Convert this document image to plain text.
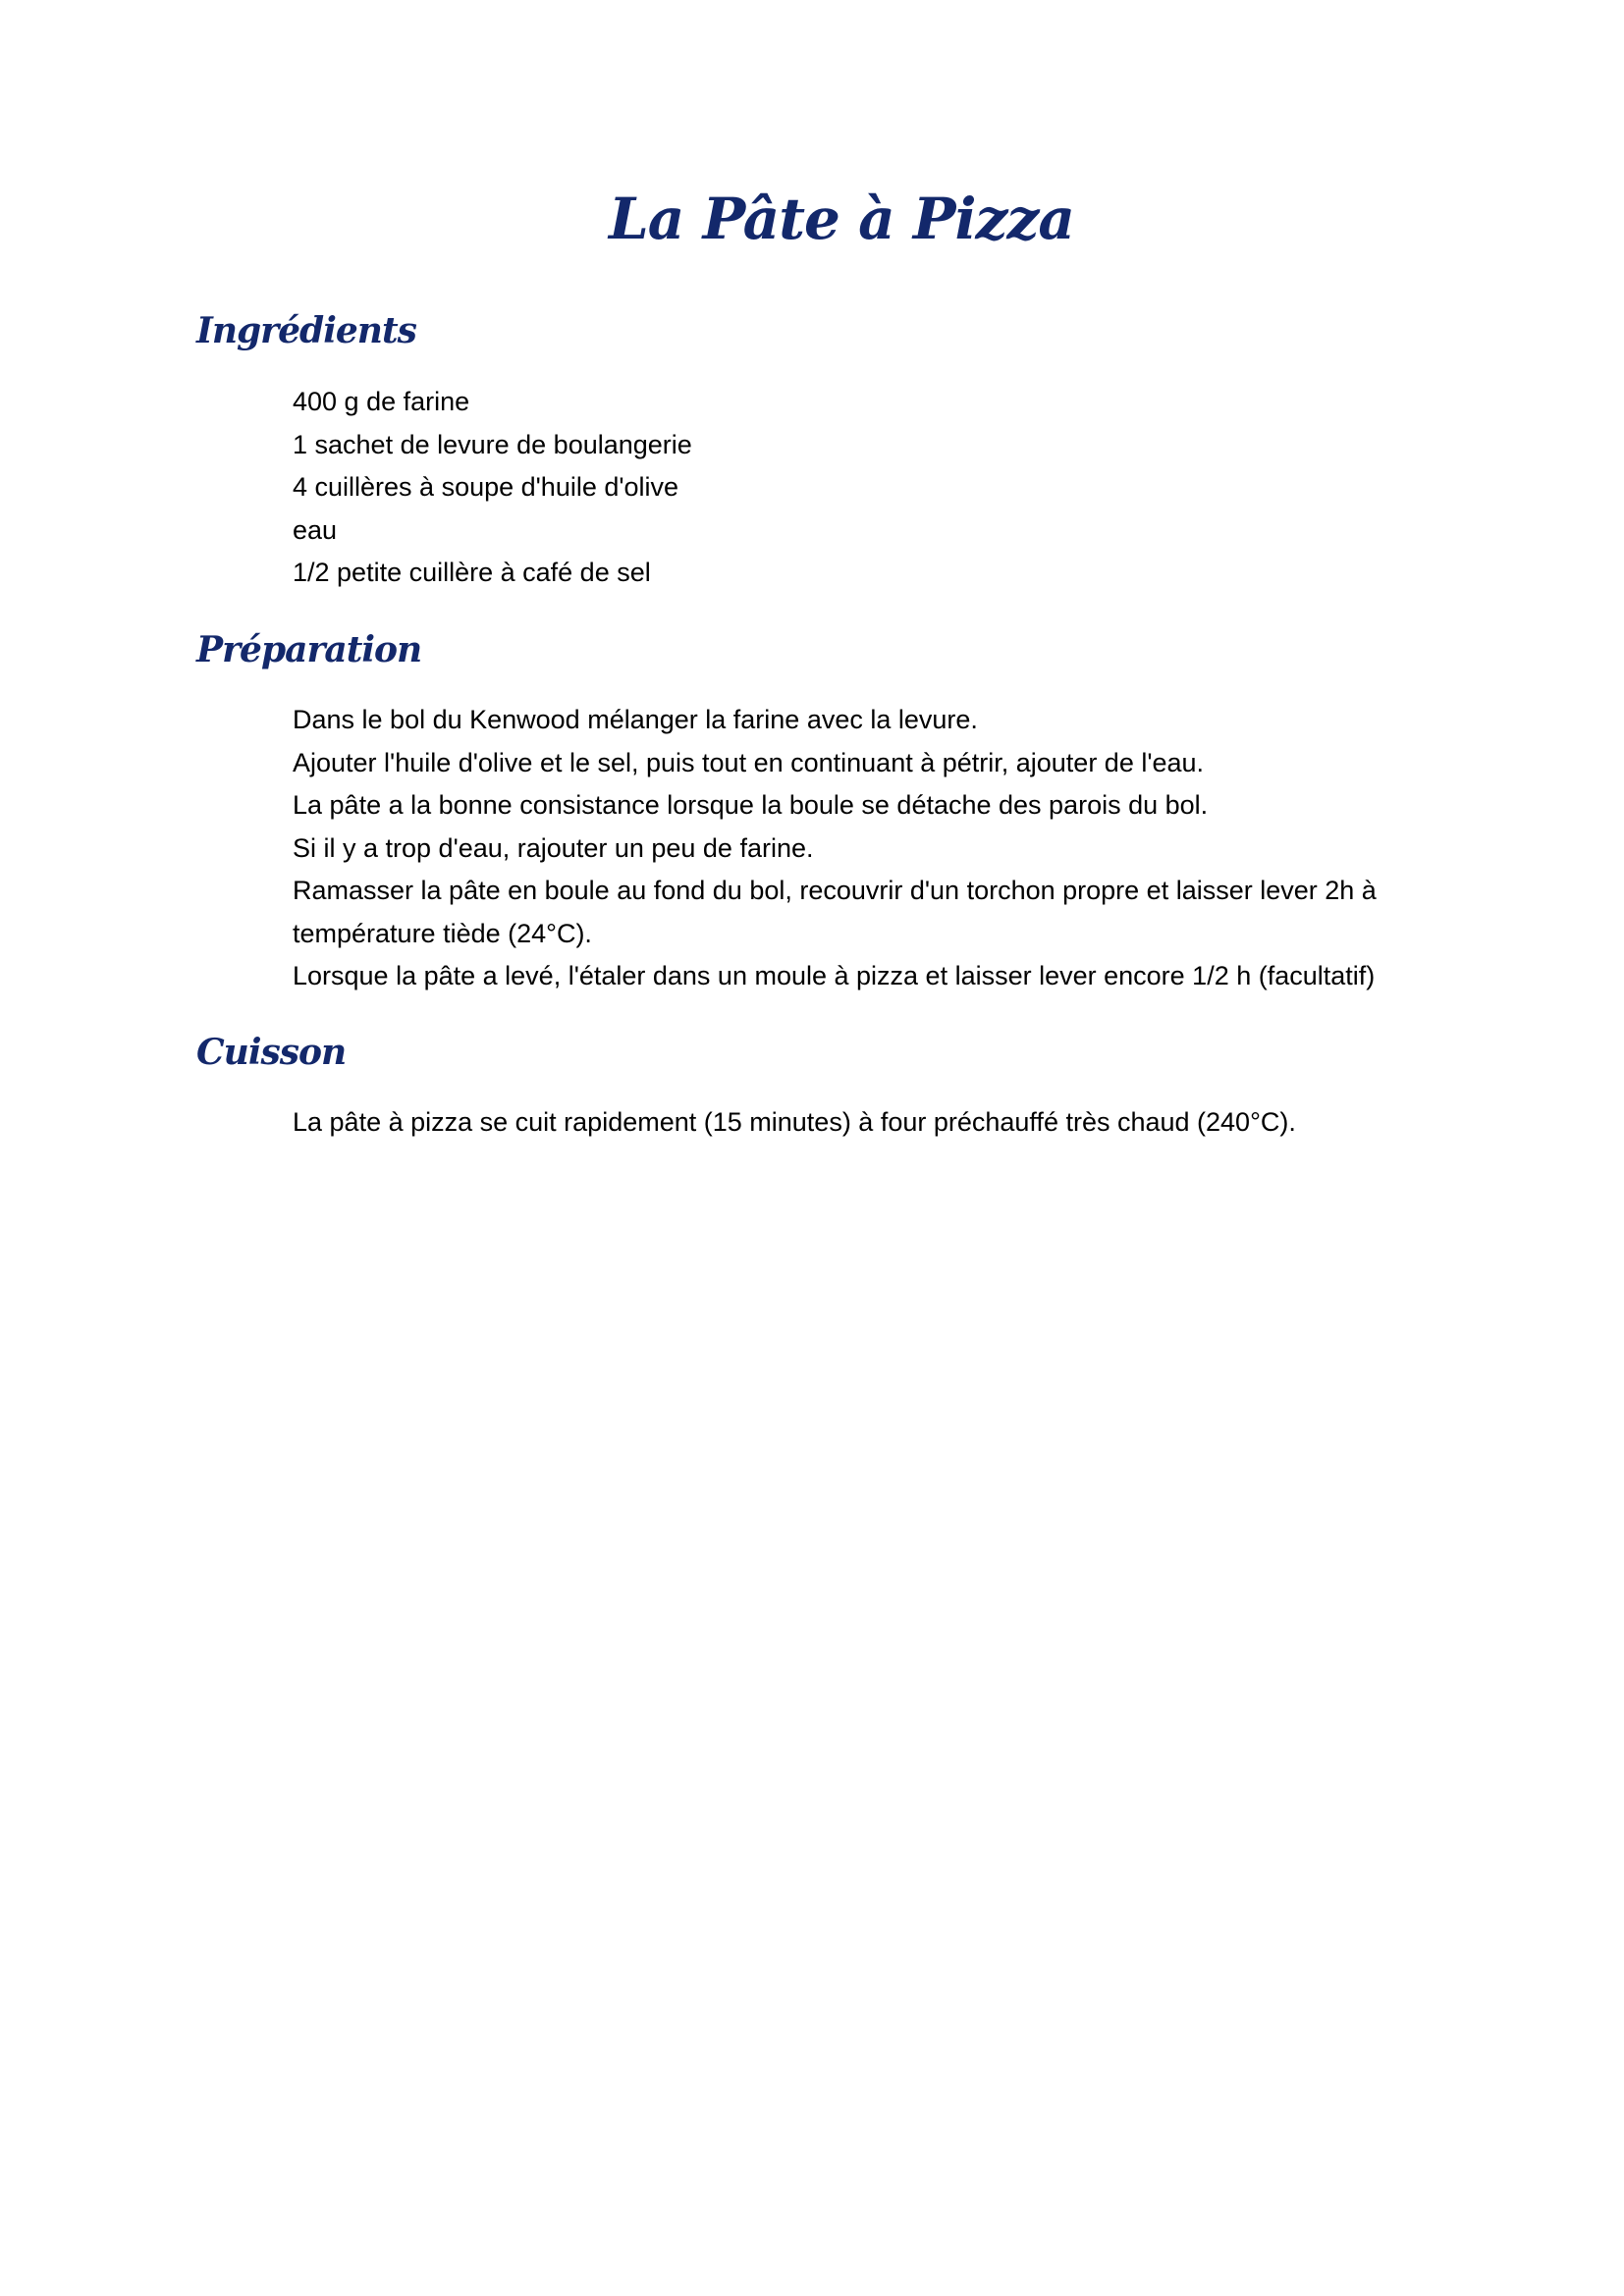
La Pâte à Pizza
Ingrédients
400 g de farine
1 sachet de levure de boulangerie
4 cuillères à soupe d'huile d'olive
eau
1/2 petite cuillère à café de sel
Préparation
Dans le bol du Kenwood mélanger la farine avec la levure.
Ajouter l'huile d'olive et le sel, puis tout en continuant à pétrir, ajouter de l'eau.
La pâte a la bonne consistance lorsque la boule se détache des parois du bol.
Si il y a trop d'eau, rajouter un peu de farine.
Ramasser la pâte en boule au fond du bol, recouvrir d'un torchon propre et laisser lever 2h à température tiède (24°C).
Lorsque la pâte a levé, l'étaler dans un moule à pizza et laisser lever encore 1/2 h (facultatif)
Cuisson
La pâte à pizza se cuit rapidement (15 minutes) à four préchauffé très chaud (240°C).
